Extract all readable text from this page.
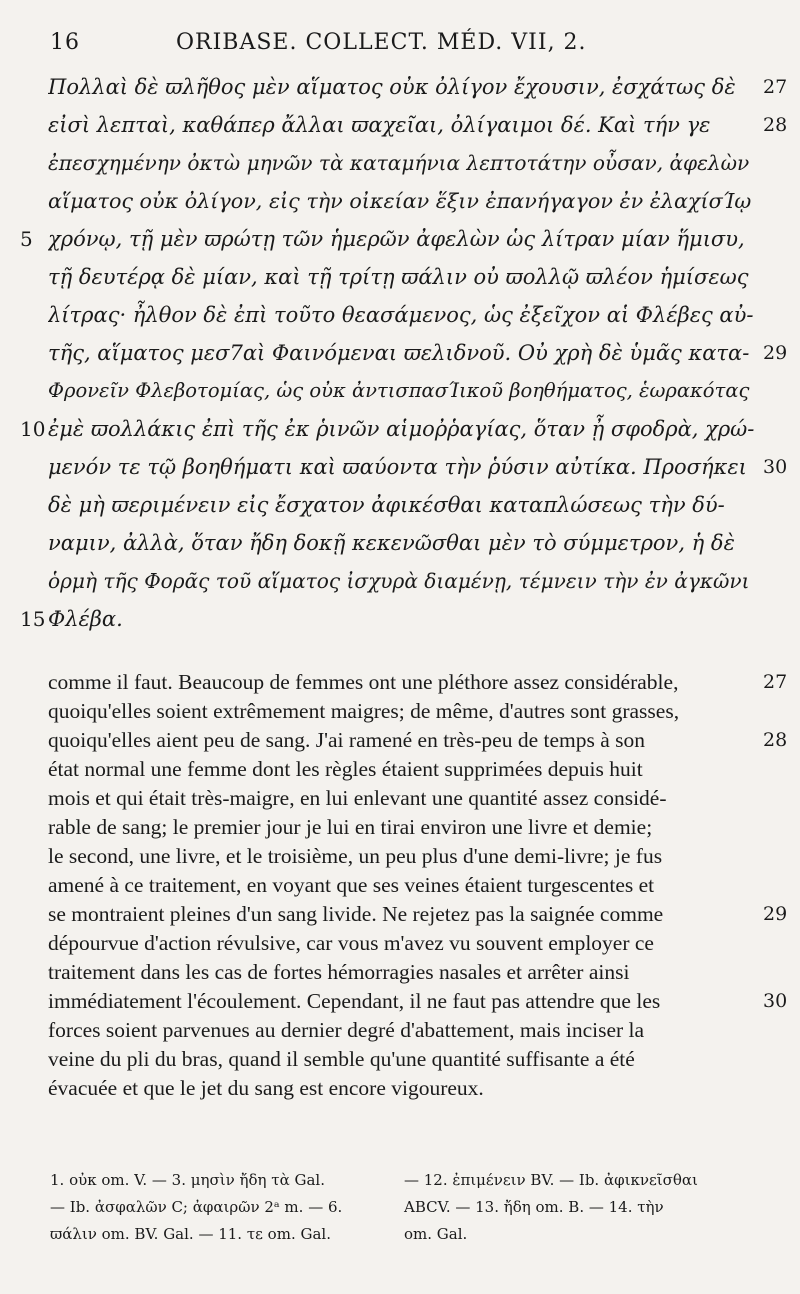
16	ORIBASE. COLLECT. MÉD. VII, 2.
Πολλαὶ δὲ ϖλῆθος μὲν αἵματος οὐκ ὀλίγον ἔχουσιν, ἐσχάτως δὲ	27
εἰσὶ λεπταὶ, καθάπερ ἄλλαι ϖαχεῖαι, ὀλίγαιμοι δέ. Καὶ τήν γε	28
ἐπεσχημένην ὀκτὼ μηνῶν τὰ καταμήνια λεπτοτάτην οὖσαν, ἀφελὼν
αἵματος οὐκ ὀλίγον, εἰς τὴν οἰκείαν ἕξιν ἐπανήγαγον ἐν ἐλαχίσΊῳ
5 χρόνῳ, τῇ μὲν ϖρώτῃ τῶν ἡμερῶν ἀφελὼν ὡς λίτραν μίαν ἥμισυ,
τῇ δευτέρᾳ δὲ μίαν, καὶ τῇ τρίτῃ ϖάλιν οὐ ϖολλῷ ϖλέον ἡμίσεως
λίτρας· ἦλθον δὲ ἐπὶ τοῦτο θεασάμενος, ὡς ἐξεῖχον αἱ Φλέβες αὐ-
τῆς, αἵματος μεσ7αὶ Φαινόμεναι ϖελιδνοῦ. Οὐ χρὴ δὲ ὑμᾶς κατα- 29
Φρονεῖν Φλεβοτομίας, ὡς οὐκ ἀντισπασΊικοῦ βοηθήματος, ἑωρακότας
10 ἐμὲ ϖολλάκις ἐπὶ τῆς ἐκ ῥινῶν αἱμοῤῥαγίας, ὅταν ᾖ σφοδρὰ, χρώ-
μενόν τε τῷ βοηθήματι καὶ ϖαύοντα τὴν ῥύσιν αὐτίκα. Προσήκει 30
δὲ μὴ ϖεριμένειν εἰς ἔσχατον ἀφικέσθαι καταπλώσεως τὴν δύ-
ναμιν, ἀλλὰ, ὅταν ἤδη δοκῇ κεκενῶσθαι μὲν τὸ σύμμετρον, ἡ δὲ
ὁρμὴ τῆς Φορᾶς τοῦ αἵματος ἰσχυρὰ διαμένῃ, τέμνειν τὴν ἐν ἀγκῶνι
15 Φλέβα.
comme il faut. Beaucoup de femmes ont une pléthore assez considérable,	27
quoiqu'elles soient extrêmement maigres; de même, d'autres sont grasses,
quoiqu'elles aient peu de sang. J'ai ramené en très-peu de temps à son	28
état normal une femme dont les règles étaient supprimées depuis huit
mois et qui était très-maigre, en lui enlevant une quantité assez considé-
rable de sang; le premier jour je lui en tirai environ une livre et demie;
le second, une livre, et le troisième, un peu plus d'une demi-livre; je fus
amené à ce traitement, en voyant que ses veines étaient turgescentes et
se montraient pleines d'un sang livide. Ne rejetez pas la saignée comme	29
dépourvue d'action révulsive, car vous m'avez vu souvent employer ce
traitement dans les cas de fortes hémorragies nasales et arrêter ainsi
immédiatement l'écoulement. Cependant, il ne faut pas attendre que les	30
forces soient parvenues au dernier degré d'abattement, mais inciser la
veine du pli du bras, quand il semble qu'une quantité suffisante a été
évacuée et que le jet du sang est encore vigoureux.
1. οὐκ om. V. — 3. μησὶν ἤδη τὰ Gal.
— Ib. ἀσφαλῶν C; ἀφαιρῶν 2ᵃ m. — 6.
ϖάλιν om. BV. Gal. — 11. τε om. Gal.
— 12. ἐπιμένειν BV. — Ib. ἀφικνεῖσθαι
ABCV. — 13. ἤδη om. B. — 14. τὴν
om. Gal.
